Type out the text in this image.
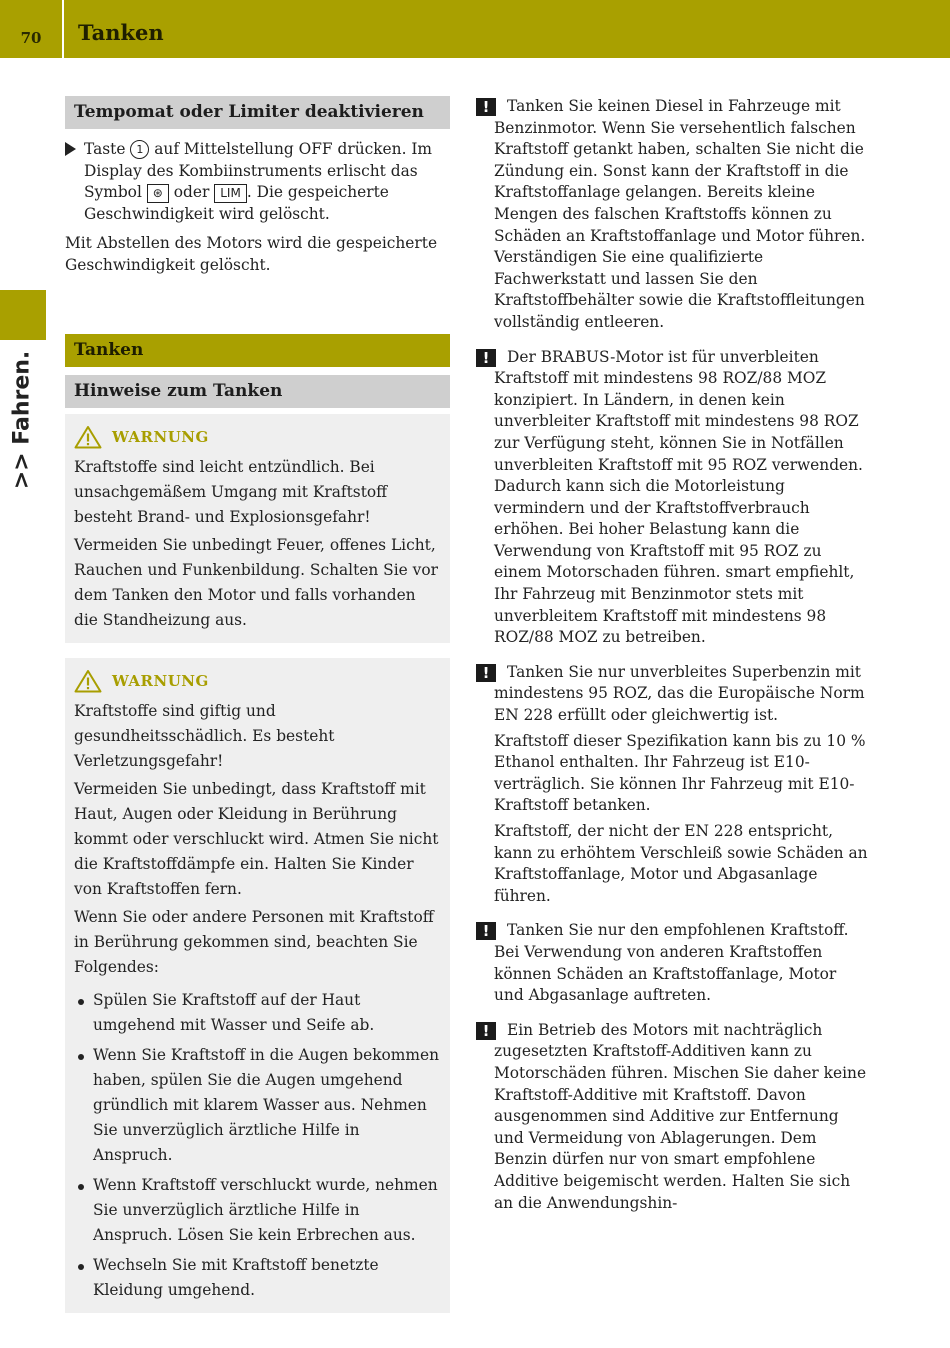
70	Tanken
>> Fahren.
Tempomat oder Limiter deaktivieren
Taste 1 auf Mittelstellung OFF drücken. Im Display des Kombiinstruments erlischt das Symbol ⊛ oder LIM . Die gespeicherte Geschwindigkeit wird gelöscht.

Mit Abstellen des Motors wird die gespeicherte Geschwindigkeit gelöscht.

Tanken
Hinweise zum Tanken
WARNUNG

Kraftstoffe sind leicht entzündlich. Bei unsachgemäßem Umgang mit Kraftstoff besteht Brand- und Explosionsgefahr!

Vermeiden Sie unbedingt Feuer, offenes Licht, Rauchen und Funkenbildung. Schalten Sie vor dem Tanken den Motor und falls vorhanden die Standheizung aus.

WARNUNG

Kraftstoffe sind giftig und gesundheitsschädlich. Es besteht Verletzungsgefahr!

Vermeiden Sie unbedingt, dass Kraftstoff mit Haut, Augen oder Kleidung in Berührung kommt oder verschluckt wird. Atmen Sie nicht die Kraftstoffdämpfe ein. Halten Sie Kinder von Kraftstoffen fern.

Wenn Sie oder andere Personen mit Kraftstoff in Berührung gekommen sind, beachten Sie Folgendes:

Spülen Sie Kraftstoff auf der Haut umgehend mit Wasser und Seife ab.
Wenn Sie Kraftstoff in die Augen bekommen haben, spülen Sie die Augen umgehend gründlich mit klarem Wasser aus. Nehmen Sie unverzüglich ärztliche Hilfe in Anspruch.
Wenn Kraftstoff verschluckt wurde, nehmen Sie unverzüglich ärztliche Hilfe in Anspruch. Lösen Sie kein Erbrechen aus.
Wechseln Sie mit Kraftstoff benetzte Kleidung umgehend.
!	Tanken Sie keinen Diesel in Fahrzeuge mit Benzinmotor. Wenn Sie versehentlich falschen Kraftstoff getankt haben, schalten Sie nicht die Zündung ein. Sonst kann der Kraftstoff in die Kraftstoffanlage gelangen. Bereits kleine Mengen des falschen Kraftstoffs können zu Schäden an Kraftstoffanlage und Motor führen. Verständigen Sie eine qualifizierte Fachwerkstatt und lassen Sie den Kraftstoffbehälter sowie die Kraftstoffleitungen vollständig entleeren.

!	Der BRABUS-Motor ist für unverbleiten Kraftstoff mit mindestens 98 ROZ/88 MOZ konzipiert. In Ländern, in denen kein unverbleiter Kraftstoff mit mindestens 98 ROZ zur Verfügung steht, können Sie in Notfällen unverbleiten Kraftstoff mit 95 ROZ verwenden. Dadurch kann sich die Motorleistung vermindern und der Kraftstoffverbrauch erhöhen. Bei hoher Belastung kann die Verwendung von Kraftstoff mit 95 ROZ zu einem Motorschaden führen. smart empfiehlt, Ihr Fahrzeug mit Benzinmotor stets mit unverbleitem Kraftstoff mit mindestens 98 ROZ/88 MOZ zu betreiben.

!	Tanken Sie nur unverbleites Superbenzin mit mindestens 95 ROZ, das die Europäische Norm EN 228 erfüllt oder gleichwertig ist.

Kraftstoff dieser Spezifikation kann bis zu 10 % Ethanol enthalten. Ihr Fahrzeug ist E10-verträglich. Sie können Ihr Fahrzeug mit E10-Kraftstoff betanken.

Kraftstoff, der nicht der EN 228 entspricht, kann zu erhöhtem Verschleiß sowie Schäden an Kraftstoffanlage, Motor und Abgasanlage führen.

!	Tanken Sie nur den empfohlenen Kraftstoff. Bei Verwendung von anderen Kraftstoffen können Schäden an Kraftstoffanlage, Motor und Abgasanlage auftreten.

!	Ein Betrieb des Motors mit nachträglich zugesetzten Kraftstoff-Additiven kann zu Motorschäden führen. Mischen Sie daher keine Kraftstoff-Additive mit Kraftstoff. Davon ausgenommen sind Additive zur Entfernung und Vermeidung von Ablagerungen. Dem Benzin dürfen nur von smart empfohlene Additive beigemischt werden. Halten Sie sich an die Anwendungshin-
